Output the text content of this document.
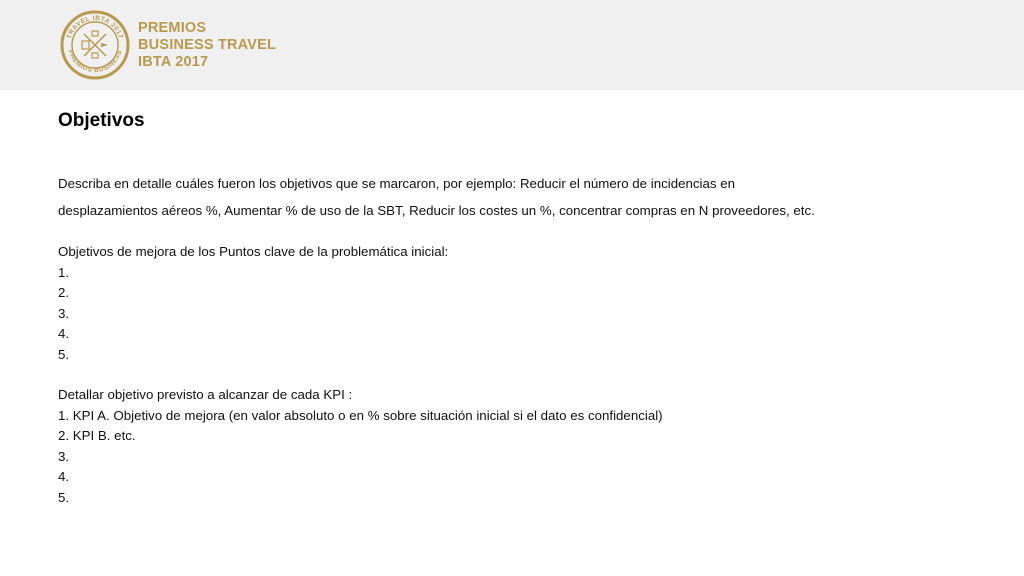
TRAVEL IBTA 2017
PREMIOS BUSINESS
PREMIOS
BUSINESS TRAVEL
IBTA 2017
Objetivos
Describa en detalle cuáles fueron los objetivos que se marcaron, por ejemplo: Reducir el número de incidencias en
desplazamientos aéreos %, Aumentar % de uso de la SBT, Reducir los costes un %, concentrar compras en N proveedores, etc.
Objetivos de mejora de los Puntos clave de la problemática inicial:
1.
2.
3.
4.
5.
Detallar objetivo previsto a alcanzar de cada KPI :
1. KPI A. Objetivo de mejora (en valor absoluto o en % sobre situación inicial si el dato es confidencial)
2. KPI B. etc.
3.
4.
5.
